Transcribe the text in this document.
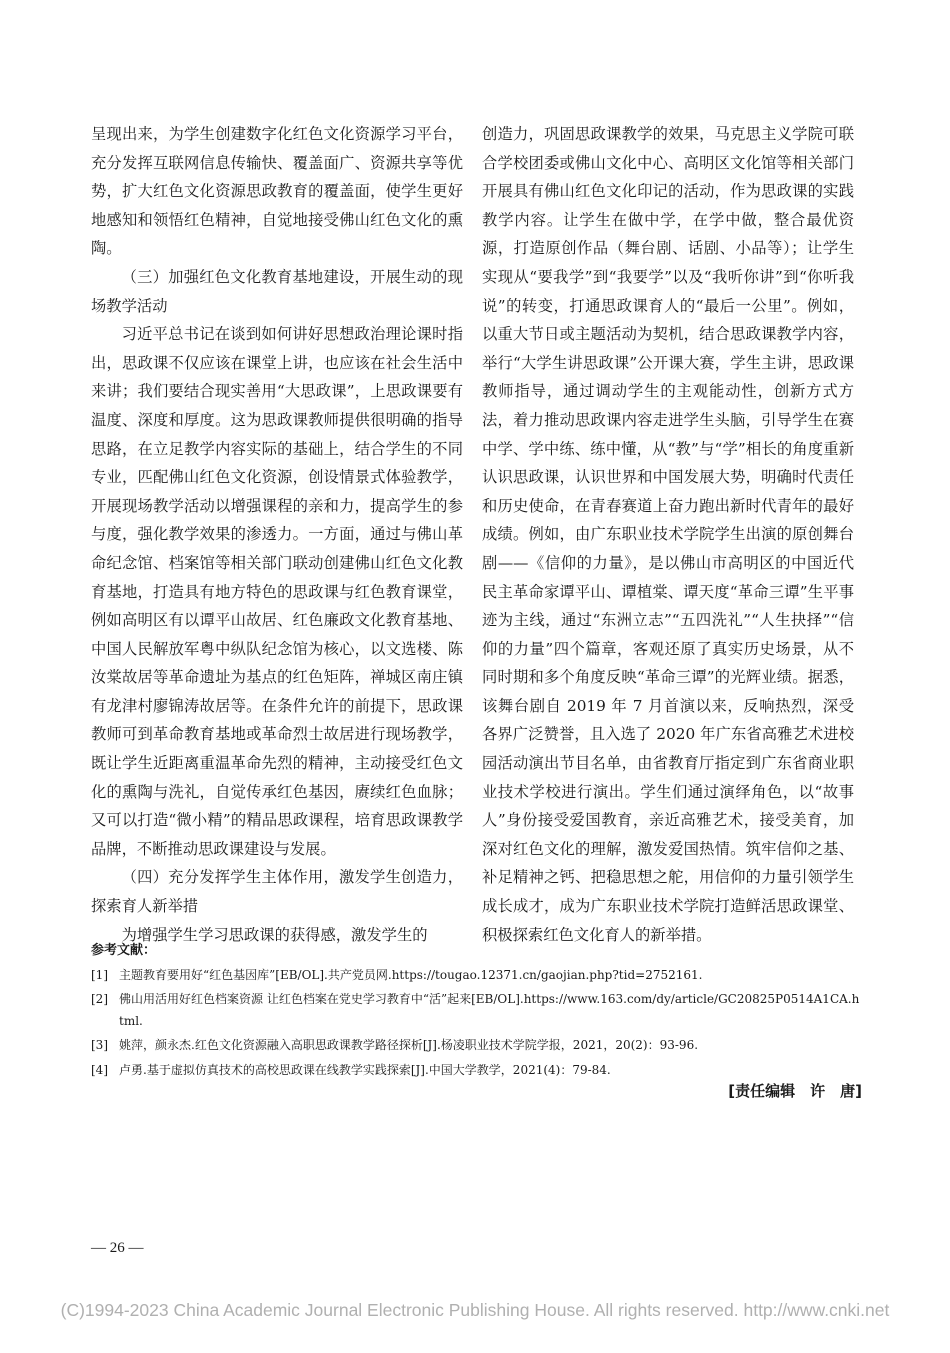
呈现出来，为学生创建数字化红色文化资源学习平台，充分发挥互联网信息传输快、覆盖面广、资源共享等优势，扩大红色文化资源思政教育的覆盖面，使学生更好地感知和领悟红色精神，自觉地接受佛山红色文化的熏陶。

（三）加强红色文化教育基地建设，开展生动的现场教学活动

习近平总书记在谈到如何讲好思想政治理论课时指出，思政课不仅应该在课堂上讲，也应该在社会生活中来讲；我们要结合现实善用“大思政课”，上思政课要有温度、深度和厚度。这为思政课教师提供很明确的指导思路，在立足教学内容实际的基础上，结合学生的不同专业，匹配佛山红色文化资源，创设情景式体验教学，开展现场教学活动以增强课程的亲和力，提高学生的参与度，强化教学效果的渗透力。一方面，通过与佛山革命纪念馆、档案馆等相关部门联动创建佛山红色文化教育基地，打造具有地方特色的思政课与红色教育课堂，例如高明区有以谭平山故居、红色廉政文化教育基地、中国人民解放军粤中纵队纪念馆为核心，以文选楼、陈汝棠故居等革命遗址为基点的红色矩阵，禅城区南庄镇有龙津村廖锦涛故居等。在条件允许的前提下，思政课教师可到革命教育基地或革命烈士故居进行现场教学，既让学生近距离重温革命先烈的精神，主动接受红色文化的熏陶与洗礼，自觉传承红色基因，赓续红色血脉；又可以打造“微小精”的精品思政课程，培育思政课教学品牌，不断推动思政课建设与发展。

（四）充分发挥学生主体作用，激发学生创造力，探索育人新举措

为增强学生学习思政课的获得感，激发学生的

创造力，巩固思政课教学的效果，马克思主义学院可联合学校团委或佛山文化中心、高明区文化馆等相关部门开展具有佛山红色文化印记的活动，作为思政课的实践教学内容。让学生在做中学，在学中做，整合最优资源，打造原创作品（舞台剧、话剧、小品等）；让学生实现从“要我学”到“我要学”以及“我听你讲”到“你听我说”的转变，打通思政课育人的“最后一公里”。例如，以重大节日或主题活动为契机，结合思政课教学内容，举行“大学生讲思政课”公开课大赛，学生主讲，思政课教师指导，通过调动学生的主观能动性，创新方式方法，着力推动思政课内容走进学生头脑，引导学生在赛中学、学中练、练中懂，从“教”与“学”相长的角度重新认识思政课，认识世界和中国发展大势，明确时代责任和历史使命，在青春赛道上奋力跑出新时代青年的最好成绩。例如，由广东职业技术学院学生出演的原创舞台剧——《信仰的力量》，是以佛山市高明区的中国近代民主革命家谭平山、谭植棠、谭天度“革命三谭”生平事迹为主线，通过“东洲立志”“五四洗礼”“人生抉择”“信仰的力量”四个篇章，客观还原了真实历史场景，从不同时期和多个角度反映“革命三谭”的光辉业绩。据悉，该舞台剧自 2019 年 7 月首演以来，反响热烈，深受各界广泛赞誉，且入选了 2020 年广东省高雅艺术进校园活动演出节目名单，由省教育厅指定到广东省商业职业技术学校进行演出。学生们通过演绎角色，以“故事人”身份接受爱国教育，亲近高雅艺术，接受美育，加深对红色文化的理解，激发爱国热情。筑牢信仰之基、补足精神之钙、把稳思想之舵，用信仰的力量引领学生成长成才，成为广东职业技术学院打造鲜活思政课堂、积极探索红色文化育人的新举措。

参考文献：
[1] 主题教育要用好“红色基因库”[EB/OL].共产党员网.https://tougao.12371.cn/gaojian.php?tid=2752161.
[2] 佛山用活用好红色档案资源 让红色档案在党史学习教育中“活”起来[EB/OL].https://www.163.com/dy/article/GC20825P0514A1CA.html.
[3] 姚萍，颜永杰.红色文化资源融入高职思政课教学路径探析[J].杨凌职业技术学院学报，2021，20(2)：93-96.
[4] 卢勇.基于虚拟仿真技术的高校思政课在线教学实践探索[J].中国大学教学，2021(4)：79-84.
[责任编辑　许　唐]
— 26 —
(C)1994-2023 China Academic Journal Electronic Publishing House. All rights reserved. http://www.cnki.net
